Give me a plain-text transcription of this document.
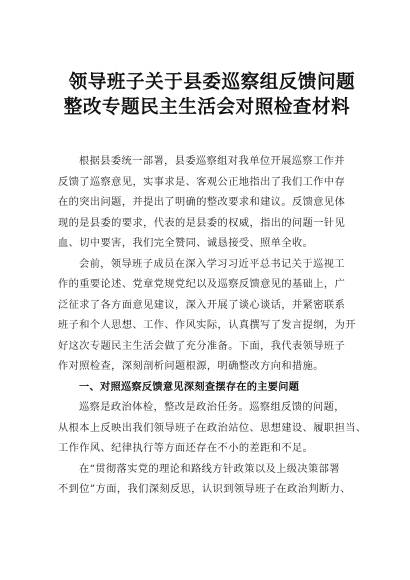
领导班子关于县委巡察组反馈问题
整改专题民主生活会对照检查材料
根据县委统一部署，县委巡察组对我单位开展巡察工作并
反馈了巡察意见，实事求是、客观公正地指出了我们工作中存
在的突出问题，并提出了明确的整改要求和建议。反馈意见体
现的是县委的要求，代表的是县委的权威，指出的问题一针见
血、切中要害，我们完全赞同、诚恳接受、照单全收。
会前，领导班子成员在深入学习习近平总书记关于巡视工
作的重要论述、党章党规党纪以及巡察反馈意见的基础上，广
泛征求了各方面意见建议，深入开展了谈心谈话，并紧密联系
班子和个人思想、工作、作风实际，认真撰写了发言提纲，为开
好这次专题民主生活会做了充分准备。下面，我代表领导班子
作对照检查，深刻剖析问题根源，明确整改方向和措施。
一、对照巡察反馈意见深刻查摆存在的主要问题
巡察是政治体检，整改是政治任务。巡察组反馈的问题，
从根本上反映出我们领导班子在政治站位、思想建设、履职担当、
工作作风、纪律执行等方面还存在不小的差距和不足。
在“贯彻落实党的理论和路线方针政策以及上级决策部署
不到位”方面，我们深刻反思，认识到领导班子在政治判断力、
